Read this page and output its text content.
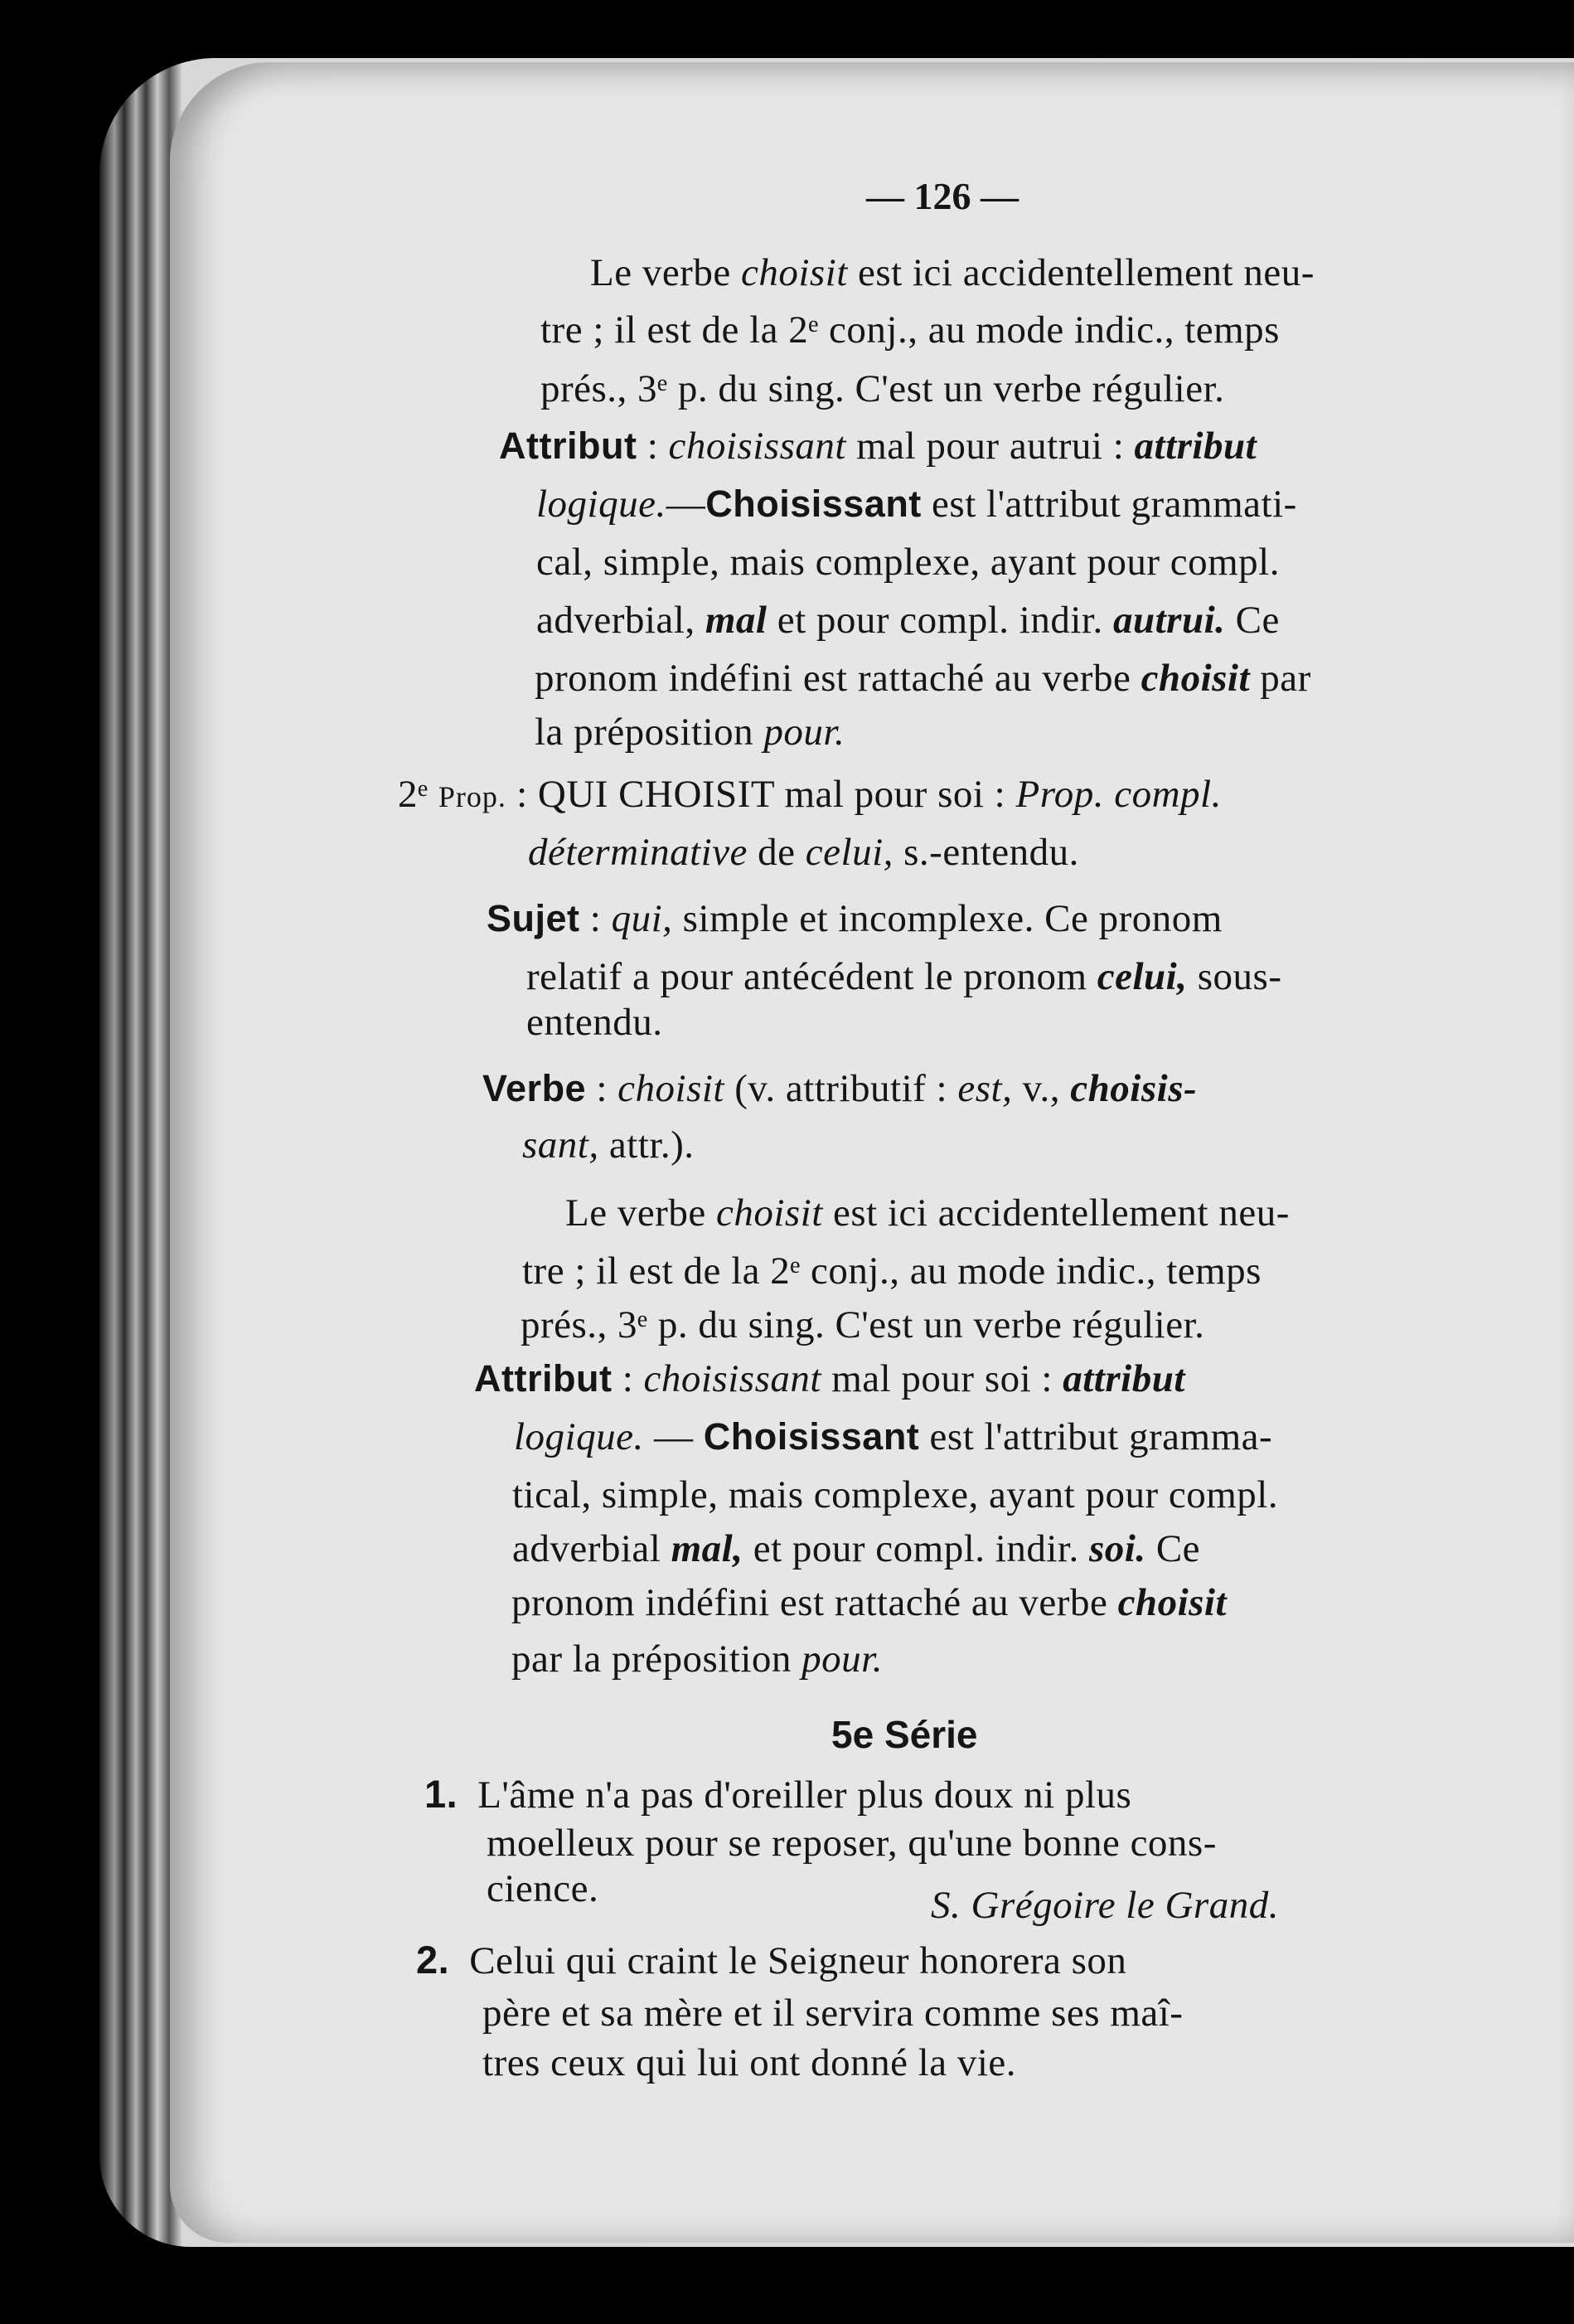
— 126 —
Le verbe choisit est ici accidentellement neu-
tre ; il est de la 2ᵉ conj., au mode indic., temps
prés., 3ᵉ p. du sing. C'est un verbe régulier.
Attribut : choisissant mal pour autrui : attribut
logique.—Choisissant est l'attribut grammati-
cal, simple, mais complexe, ayant pour compl.
adverbial, mal et pour compl. indir. autrui. Ce
pronom indéfini est rattaché au verbe choisit par
la préposition pour.
2ᵉ Prop. : QUI CHOISIT mal pour soi : Prop. compl.
déterminative de celui, s.-entendu.
Sujet : qui, simple et incomplexe. Ce pronom
relatif a pour antécédent le pronom celui, sous-
entendu.
Verbe : choisit (v. attributif : est, v., choisis-
sant, attr.).
Le verbe choisit est ici accidentellement neu-
tre ; il est de la 2ᵉ conj., au mode indic., temps
prés., 3ᵉ p. du sing. C'est un verbe régulier.
Attribut : choisissant mal pour soi : attribut
logique. — Choisissant est l'attribut gramma-
tical, simple, mais complexe, ayant pour compl.
adverbial mal, et pour compl. indir. soi. Ce
pronom indéfini est rattaché au verbe choisit
par la préposition pour.
5e Série
1. L'âme n'a pas d'oreiller plus doux ni plus
moelleux pour se reposer, qu'une bonne cons-
cience.	S. Grégoire le Grand.
2. Celui qui craint le Seigneur honorera son
père et sa mère et il servira comme ses maî-
tres ceux qui lui ont donné la vie.
